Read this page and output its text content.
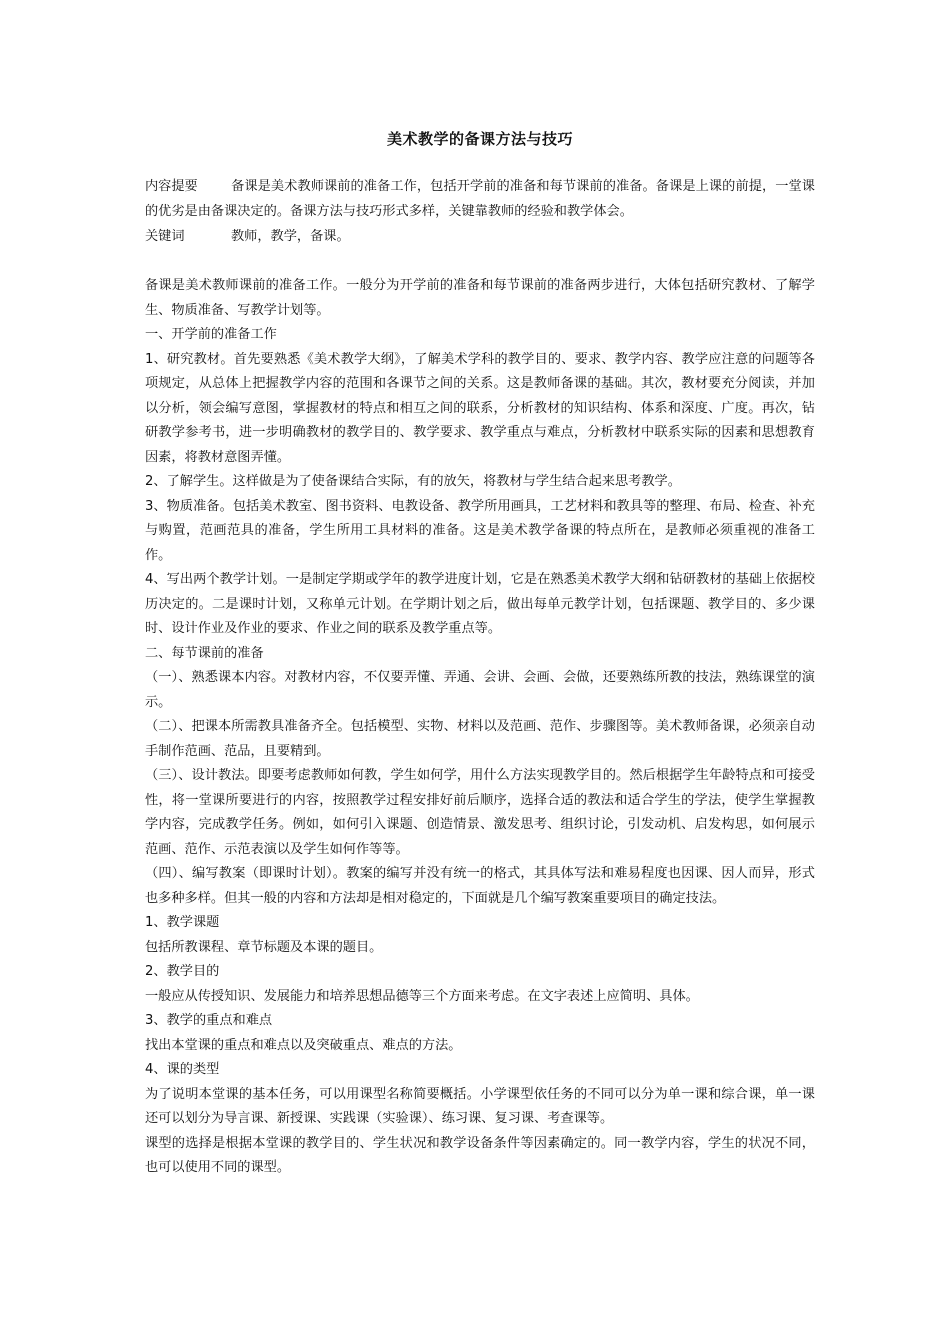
美术教学的备课方法与技巧
内容提要	备课是美术教师课前的准备工作，包括开学前的准备和每节课前的准备。备课是上课的前提，一堂课的优劣是由备课决定的。备课方法与技巧形式多样，关键靠教师的经验和教学体会。
关键词	教师，教学，备课。

备课是美术教师课前的准备工作。一般分为开学前的准备和每节课前的准备两步进行，大体包括研究教材、了解学生、物质准备、写教学计划等。

一、开学前的准备工作

1、研究教材。首先要熟悉《美术教学大纲》，了解美术学科的教学目的、要求、教学内容、教学应注意的问题等各项规定，从总体上把握教学内容的范围和各课节之间的关系。这是教师备课的基础。其次，教材要充分阅读，并加以分析，领会编写意图，掌握教材的特点和相互之间的联系，分析教材的知识结构、体系和深度、广度。再次，钻研教学参考书，进一步明确教材的教学目的、教学要求、教学重点与难点，分析教材中联系实际的因素和思想教育因素，将教材意图弄懂。

2、了解学生。这样做是为了使备课结合实际，有的放矢，将教材与学生结合起来思考教学。

3、物质准备。包括美术教室、图书资料、电教设备、教学所用画具，工艺材料和教具等的整理、布局、检查、补充与购置，范画范具的准备，学生所用工具材料的准备。这是美术教学备课的特点所在，是教师必须重视的准备工作。

4、写出两个教学计划。一是制定学期或学年的教学进度计划，它是在熟悉美术教学大纲和钻研教材的基础上依据校历决定的。二是课时计划，又称单元计划。在学期计划之后，做出每单元教学计划，包括课题、教学目的、多少课时、设计作业及作业的要求、作业之间的联系及教学重点等。

二、每节课前的准备

（一）、熟悉课本内容。对教材内容，不仅要弄懂、弄通、会讲、会画、会做，还要熟练所教的技法，熟练课堂的演示。

（二）、把课本所需教具准备齐全。包括模型、实物、材料以及范画、范作、步骤图等。美术教师备课，必须亲自动手制作范画、范品，且要精到。

（三）、设计教法。即要考虑教师如何教，学生如何学，用什么方法实现教学目的。然后根据学生年龄特点和可接受性，将一堂课所要进行的内容，按照教学过程安排好前后顺序，选择合适的教法和适合学生的学法，使学生掌握教学内容，完成教学任务。例如，如何引入课题、创造情景、激发思考、组织讨论，引发动机、启发构思，如何展示范画、范作、示范表演以及学生如何作等等。

（四）、编写教案（即课时计划）。教案的编写并没有统一的格式，其具体写法和难易程度也因课、因人而异，形式也多种多样。但其一般的内容和方法却是相对稳定的，下面就是几个编写教案重要项目的确定技法。

1、教学课题

包括所教课程、章节标题及本课的题目。

2、教学目的

一般应从传授知识、发展能力和培养思想品德等三个方面来考虑。在文字表述上应简明、具体。

3、教学的重点和难点

找出本堂课的重点和难点以及突破重点、难点的方法。

4、课的类型

为了说明本堂课的基本任务，可以用课型名称简要概括。小学课型依任务的不同可以分为单一课和综合课，单一课还可以划分为导言课、新授课、实践课（实验课）、练习课、复习课、考查课等。

课型的选择是根据本堂课的教学目的、学生状况和教学设备条件等因素确定的。同一教学内容，学生的状况不同，也可以使用不同的课型。
